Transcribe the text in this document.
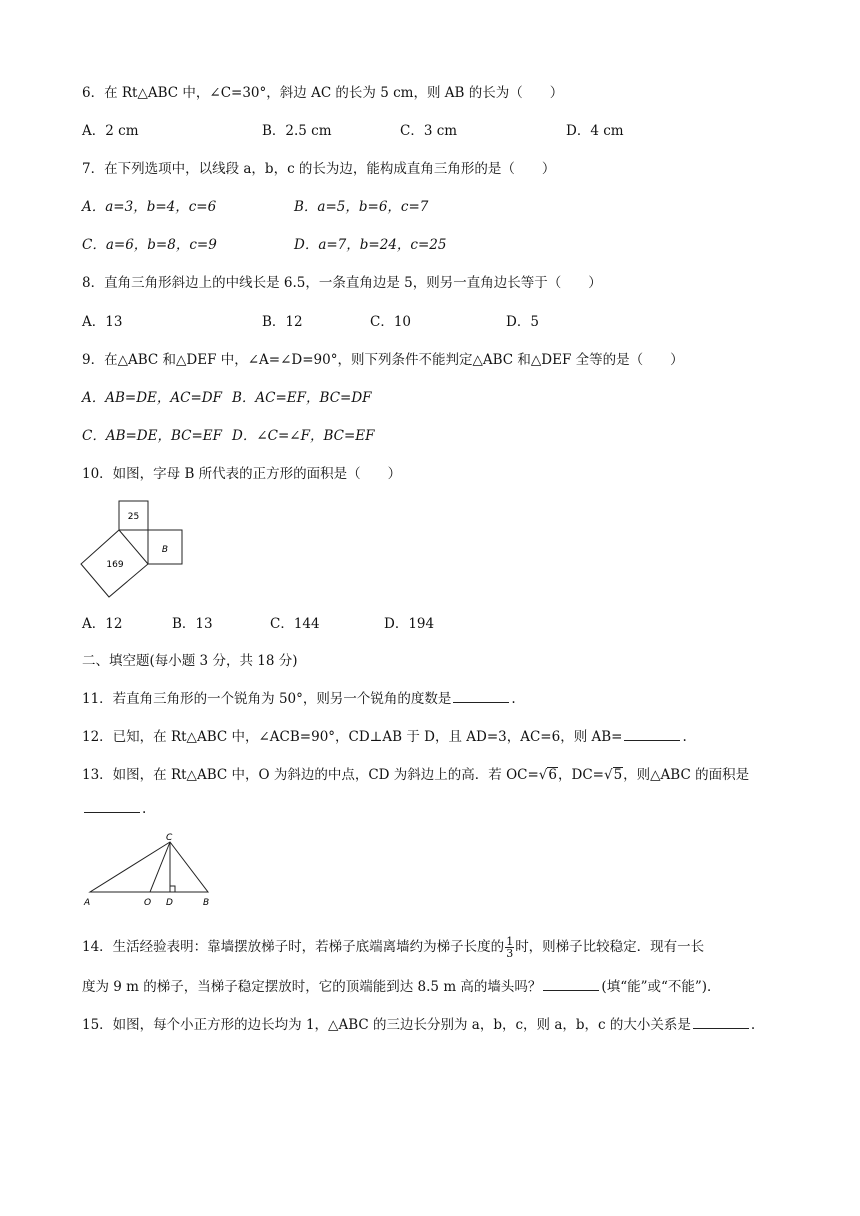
6．在 Rt△ABC 中，∠C=30°，斜边 AC 的长为 5 cm，则 AB 的长为（　　）
A．2 cm	B．2.5 cm	C．3 cm	D．4 cm
7．在下列选项中，以线段 a，b，c 的长为边，能构成直角三角形的是（　　）
A．a=3，b=4，c=6	B．a=5，b=6，c=7
C．a=6，b=8，c=9	D．a=7，b=24，c=25
8．直角三角形斜边上的中线长是 6.5，一条直角边是 5，则另一直角边长等于（　　）
A．13	B．12	C．10	D．5
9．在△ABC 和△DEF 中，∠A=∠D=90°，则下列条件不能判定△ABC 和△DEF 全等的是（　　）
A．AB=DE，AC=DF B．AC=EF，BC=DF
C．AB=DE，BC=EF D．∠C=∠F，BC=EF
10．如图，字母 B 所代表的正方形的面积是（　　）
25
169
B
A．12	B．13	C．144	D．194
二、填空题(每小题 3 分，共 18 分)
11．若直角三角形的一个锐角为 50°，则另一个锐角的度数是	.
12．已知，在 Rt△ABC 中，∠ACB=90°，CD⊥AB 于 D，且 AD=3，AC=6，则 AB=	.
13．如图，在 Rt△ABC 中，O 为斜边的中点，CD 为斜边上的高．若 OC=√6，DC=√5，则△ABC 的面积是
.
A	O D	B
C
14．生活经验表明：靠墙摆放梯子时，若梯子底端离墙约为梯子长度的 $\frac{1}{3}$ 时，则梯子比较稳定．现有一长
度为 9 m 的梯子，当梯子稳定摆放时，它的顶端能到达 8.5 m 高的墙头吗？	(填“能”或“不能”)．
15．如图，每个小正方形的边长均为 1，△ABC 的三边长分别为 a，b，c，则 a，b，c 的大小关系是	.
